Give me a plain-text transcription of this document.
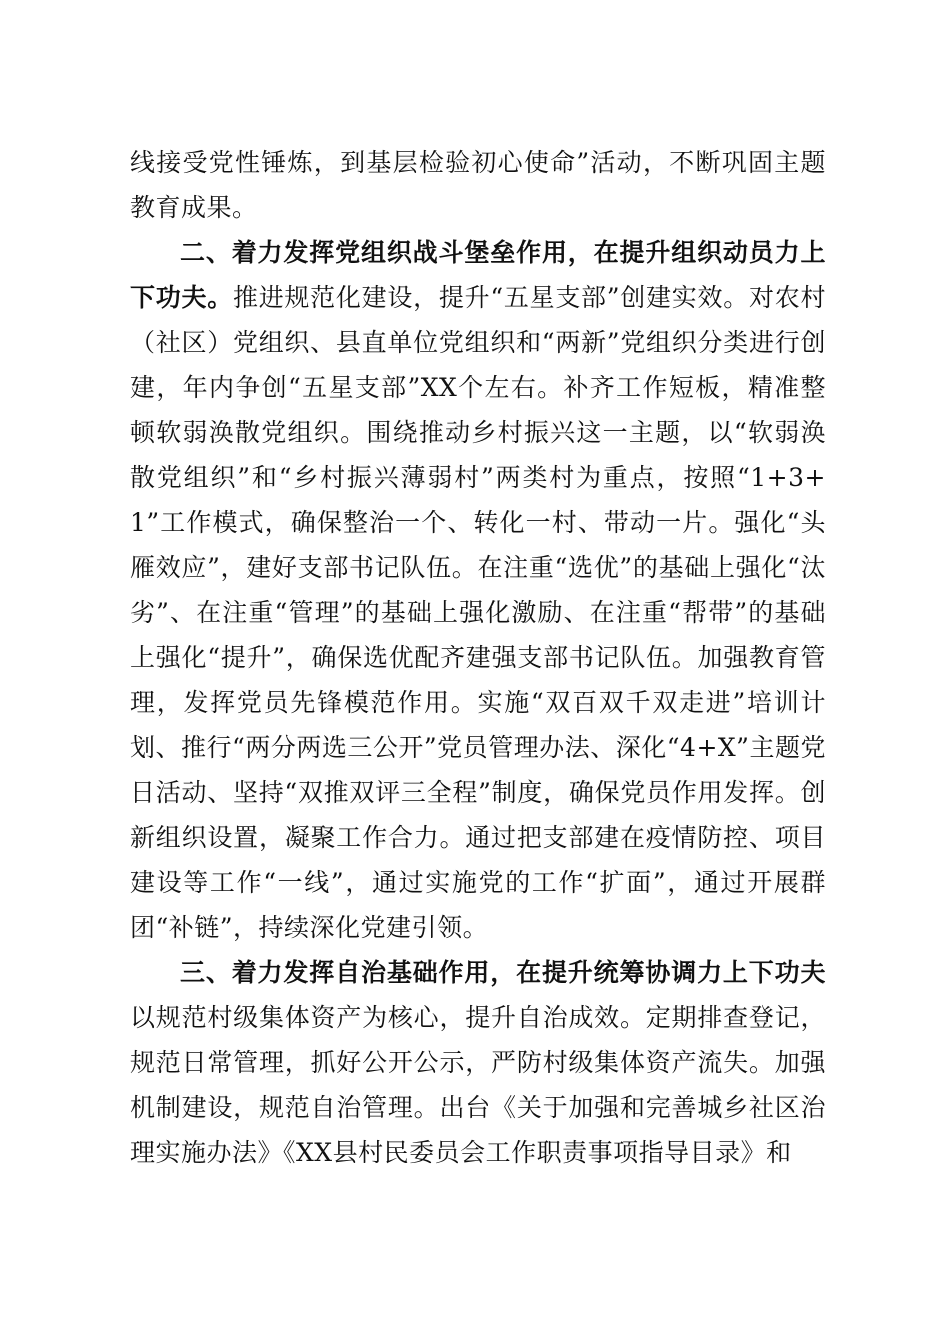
线接受党性锤炼，到基层检验初心使命”活动，不断巩固主题教育成果。

二、着力发挥党组织战斗堡垒作用，在提升组织动员力上下功夫。推进规范化建设，提升“五星支部”创建实效。对农村（社区）党组织、县直单位党组织和“两新”党组织分类进行创建，年内争创“五星支部”XX个左右。补齐工作短板，精准整顿软弱涣散党组织。围绕推动乡村振兴这一主题，以“软弱涣散党组织”和“乡村振兴薄弱村”两类村为重点，按照“1+3+1”工作模式，确保整治一个、转化一村、带动一片。强化“头雁效应”，建好支部书记队伍。在注重“选优”的基础上强化“汰劣”、在注重“管理”的基础上强化激励、在注重“帮带”的基础上强化“提升”，确保选优配齐建强支部书记队伍。加强教育管理，发挥党员先锋模范作用。实施“双百双千双走进”培训计划、推行“两分两选三公开”党员管理办法、深化“4+X”主题党日活动、坚持“双推双评三全程”制度，确保党员作用发挥。创新组织设置，凝聚工作合力。通过把支部建在疫情防控、项目建设等工作“一线”，通过实施党的工作“扩面”，通过开展群团“补链”，持续深化党建引领。

三、着力发挥自治基础作用，在提升统筹协调力上下功夫以规范村级集体资产为核心，提升自治成效。定期排查登记，规范日常管理，抓好公开公示，严防村级集体资产流失。加强机制建设，规范自治管理。出台《关于加强和完善城乡社区治理实施办法》《XX县村民委员会工作职责事项指导目录》和
